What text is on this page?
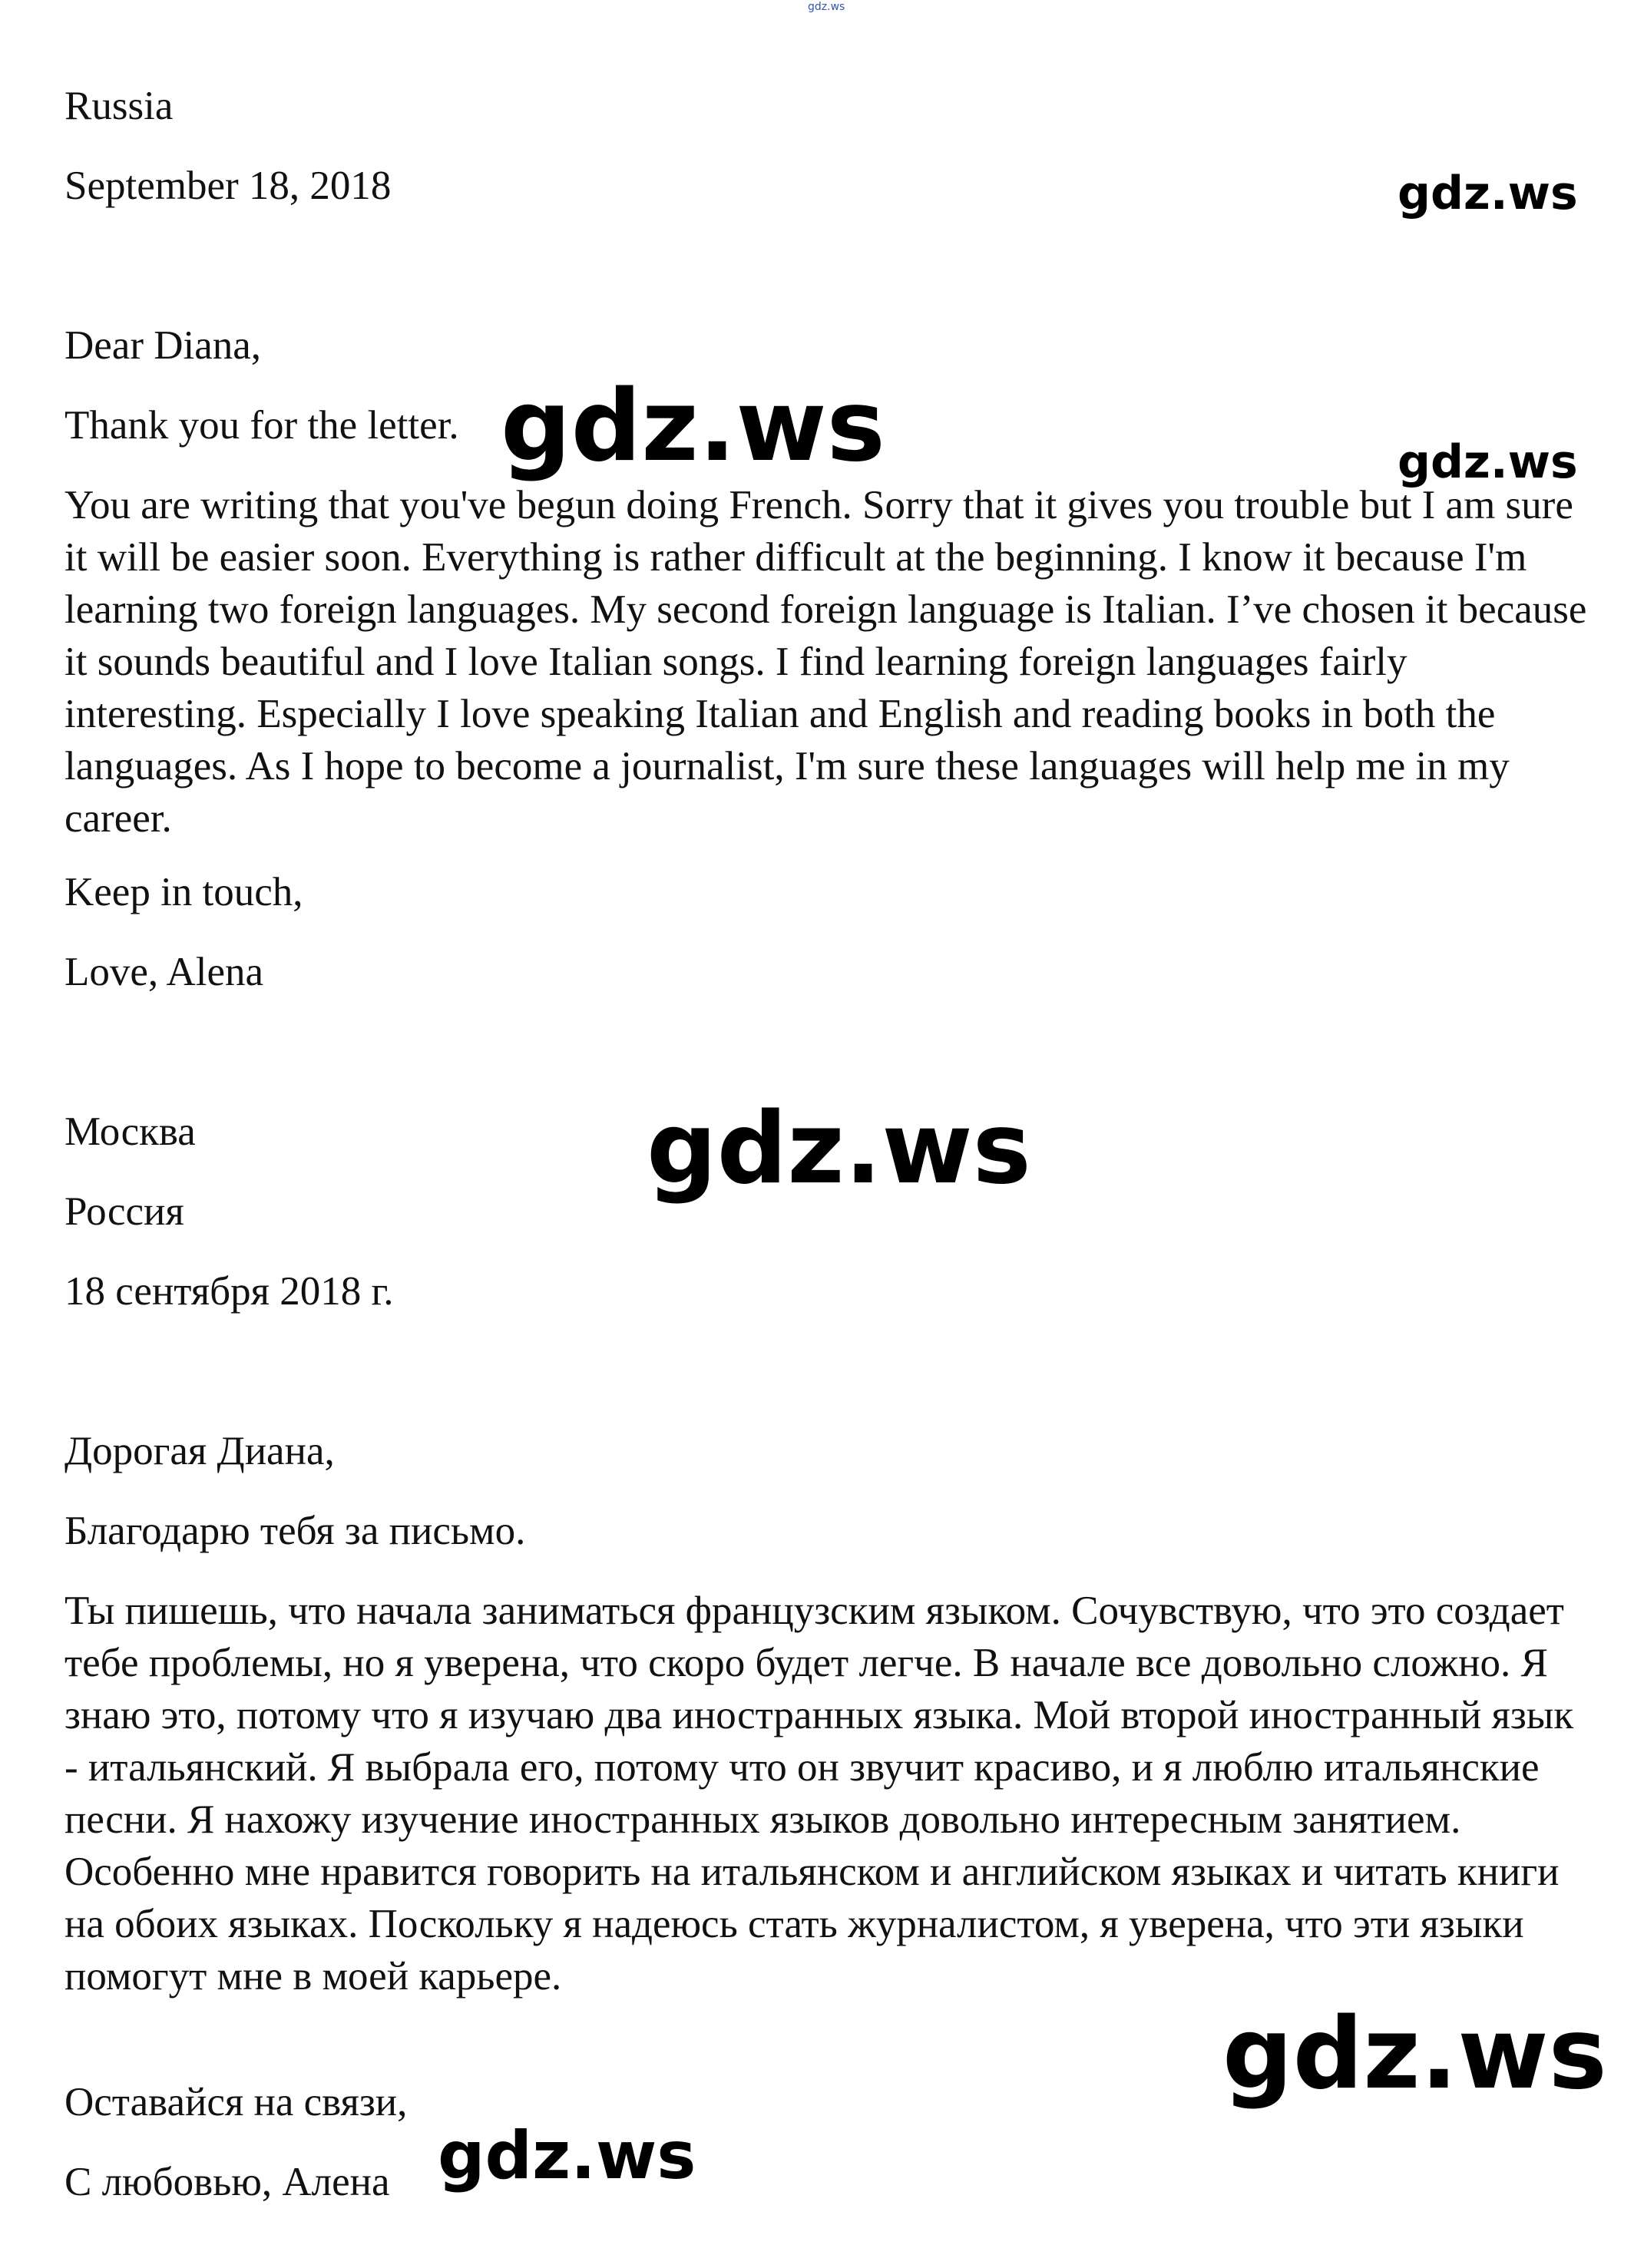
gdz.ws
gdz.ws
gdz.ws	gdz.ws
gdz.ws
gdz.ws
gdz.ws

Russia

September 18, 2018

Dear Diana,

Thank you for the letter.

You are writing that you've begun doing French. Sorry that it gives you trouble but I am sure it will be easier soon. Everything is rather difficult at the beginning. I know it because I'm learning two foreign languages. My second foreign language is Italian. I’ve chosen it because it sounds beautiful and I love Italian songs. I find learning foreign languages fairly interesting. Especially I love speaking Italian and English and reading books in both the languages. As I hope to become a journalist, I'm sure these languages will help me in my career.

Keep in touch,

Love, Alena

Москва

Россия

18 сентября 2018 г.

Дорогая Диана,

Благодарю тебя за письмо.

Ты пишешь, что начала заниматься французским языком. Сочувствую, что это создает тебе проблемы, но я уверена, что скоро будет легче. В начале все довольно сложно. Я знаю это, потому что я изучаю два иностранных языка. Мой второй иностранный язык - итальянский. Я выбрала его, потому что он звучит красиво, и я люблю итальянские песни. Я нахожу изучение иностранных языков довольно интересным занятием. Особенно мне нравится говорить на итальянском и английском языках и читать книги на обоих языках. Поскольку я надеюсь стать журналистом, я уверена, что эти языки помогут мне в моей карьере.

Оставайся на связи,

С любовью, Алена
